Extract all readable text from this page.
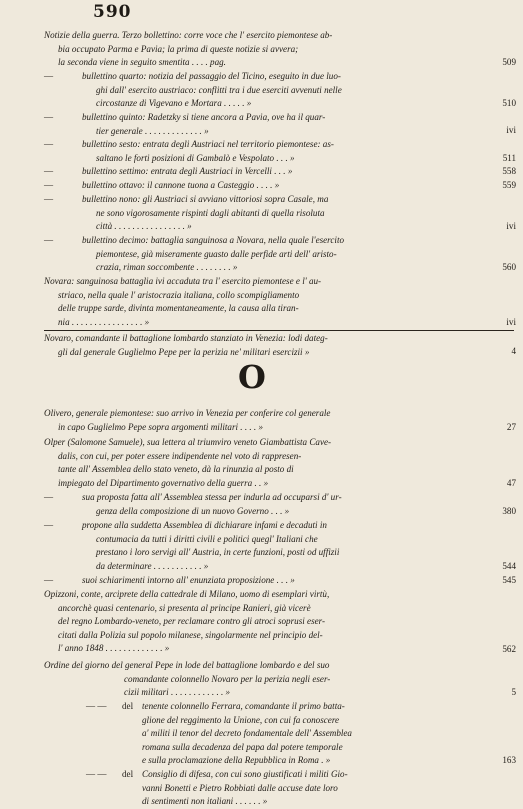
590
Notizie della guerra. Terzo bollettino: corre voce che l' esercito piemontese ab-
bia occupato Parma e Pavia; la prima di queste notizie si avvera;
la seconda viene in seguito smentita . . . . pag.	509
—	bullettino quarto: notizia del passaggio del Ticino, eseguito in due luo-
ghi dall' esercito austriaco: conflitti tra i due eserciti avvenuti nelle
circostanze di Vigevano e Mortara . . . . . »	510
—	bullettino quinto: Radetzky si tiene ancora a Pavia, ove ha il quar-
tier generale . . . . . . . . . . . . . »	ivi
—	bullettino sesto: entrata degli Austriaci nel territorio piemontese: as-
saltano le forti posizioni di Gambalò e Vespolato . . . »	511
—	bullettino settimo: entrata degli Austriaci in Vercelli . . . »	558
—	bullettino ottavo: il cannone tuona a Casteggio . . . . »	559
—	bullettino nono: gli Austriaci si avviano vittoriosi sopra Casale, ma
ne sono vigorosamente rispinti dagli abitanti di quella risoluta
città . . . . . . . . . . . . . . . . »	ivi
—	bullettino decimo: battaglia sanguinosa a Novara, nella quale l'esercito
piemontese, già miseramente guasto dalle perfide arti dell' aristo-
crazia, riman soccombente . . . . . . . . »	560
Novara: sanguinosa battaglia ivi accaduta tra l' esercito piemontese e l' au-
striaco, nella quale l' aristocrazia italiana, collo scompigliamento
delle truppe sarde, divinta momentaneamente, la causa alla tiran-
nia . . . . . . . . . . . . . . . . »	ivi
Novaro, comandante il battaglione lombardo stanziato in Venezia: lodi dateg-
gli dal generale Guglielmo Pepe per la perizia ne' militari esercizii »	4
O
Olivero, generale piemontese: suo arrivo in Venezia per conferire col generale
in capo Guglielmo Pepe sopra argomenti militari . . . . »	27
Olper (Salomone Samuele), sua lettera al triumviro veneto Giambattista Cave-
dalis, con cui, per poter essere indipendente nel voto di rappresen-
tante all' Assemblea dello stato veneto, dà la rinunzia al posto di
impiegato del Dipartimento governativo della guerra . . »	47
—	sua proposta fatta all' Assemblea stessa per indurla ad occuparsi d' ur-
genza della composizione di un nuovo Governo . . . »	380
—	propone alla suddetta Assemblea di dichiarare infami e decaduti in
contumacia da tutti i diritti civili e politici quegl' Italiani che
prestano i loro servigi all' Austria, in certe funzioni, posti od uffizii
da determinare . . . . . . . . . . . »	544
—	suoi schiarimenti intorno all' enunziata proposizione . . . »	545
Opizzoni, conte, arciprete della cattedrale di Milano, uomo di esemplari virtù,
ancorchè quasi centenario, si presenta al principe Ranieri, già vicerè
del regno Lombardo-veneto, per reclamare contro gli atroci soprusi eser-
citati dalla Polizia sul popolo milanese, singolarmente nel principio del-
l' anno 1848 . . . . . . . . . . . . . »	562
Ordine del giorno del general Pepe in lode del battaglione lombardo e del suo
comandante colonnello Novaro per la perizia negli eser-
cizii militari . . . . . . . . . . . . »	5
— —	del tenente colonnello Ferrara, comandante il primo batta-
glione del reggimento la Unione, con cui fa conoscere
a' militi il tenor del decreto fondamentale dell' Assemblea
romana sulla decadenza del papa dal potere temporale
e sulla proclamazione della Repubblica in Roma . »	163
— —	del Consiglio di difesa, con cui sono giustificati i militi Gio-
vanni Bonetti e Pietro Robbiati dalle accuse date loro
di sentimenti non italiani . . . . . . »
